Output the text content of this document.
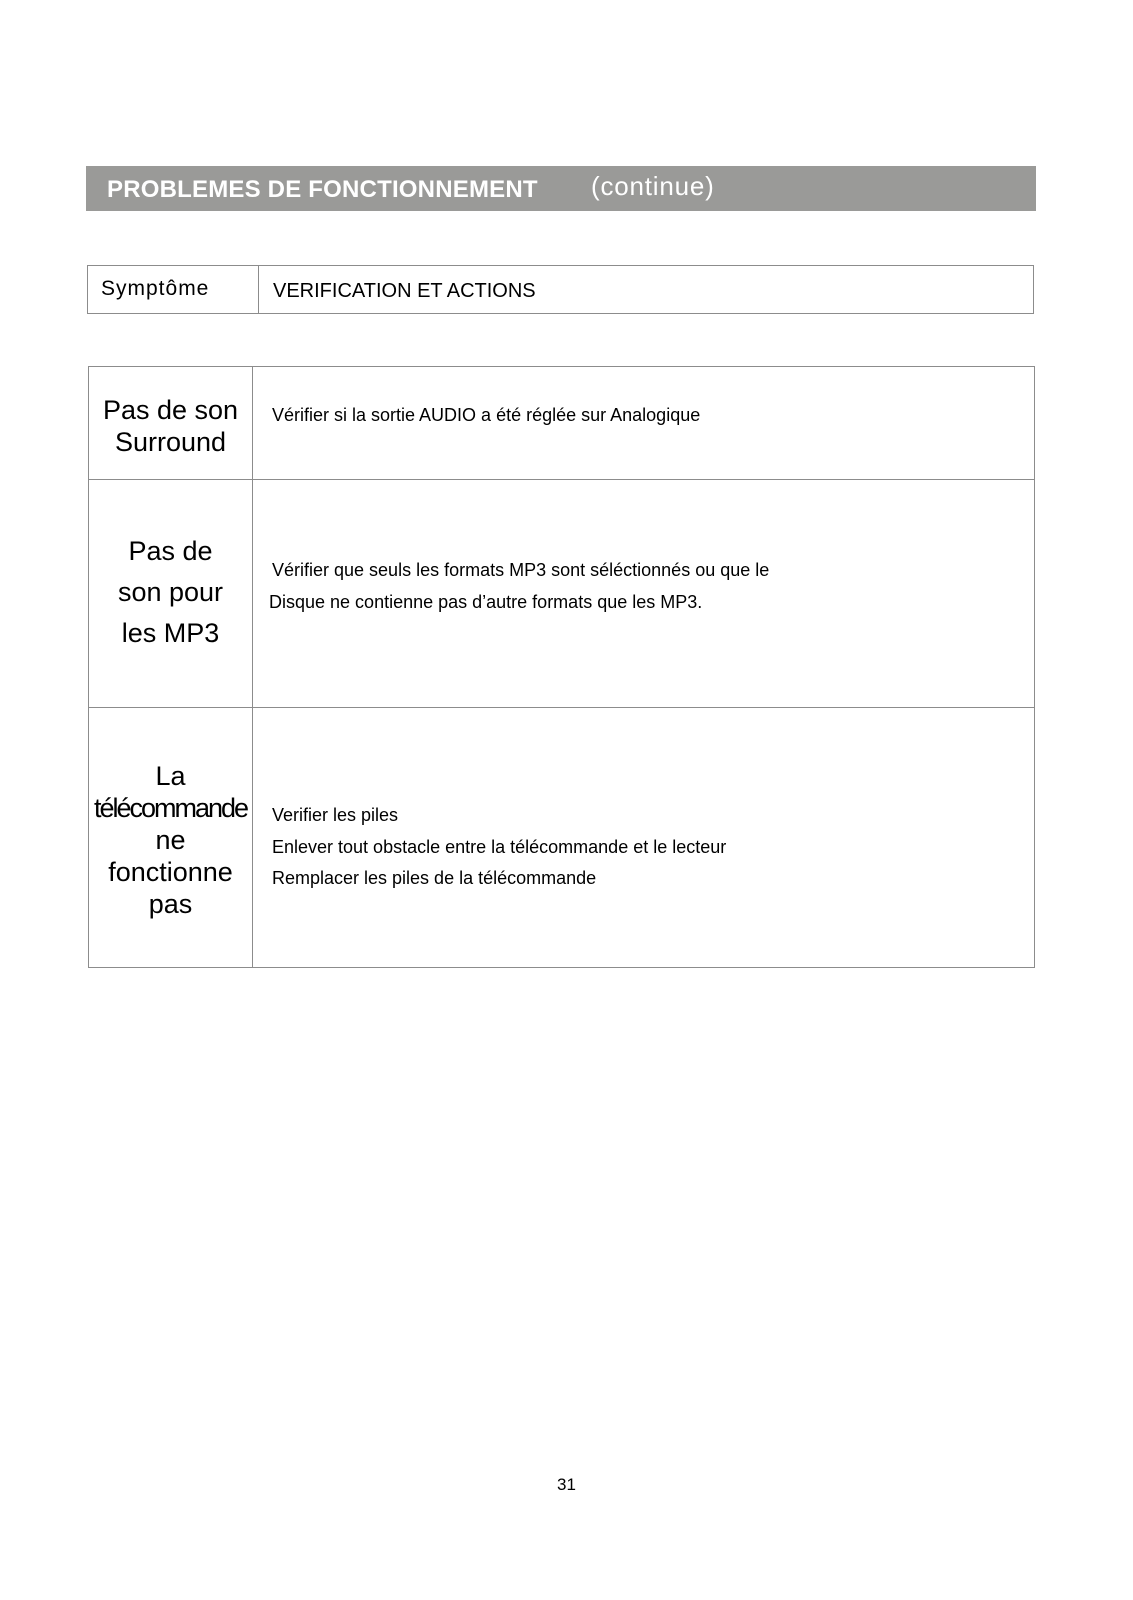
PROBLEMES DE FONCTIONNEMENT (continue)
Symptôme	VERIFICATION ET ACTIONS
Pas de son
Surround
Vérifier si la sortie AUDIO a été réglée sur Analogique
Pas de
son pour
les MP3
Vérifier que seuls les formats MP3 sont séléctionnés ou que le
Disque ne contienne pas d’autre formats que les MP3.
La
télécommande
ne
fonctionne
pas
Verifier les piles
Enlever tout obstacle entre la télécommande et le lecteur
Remplacer les piles de la télécommande
31
